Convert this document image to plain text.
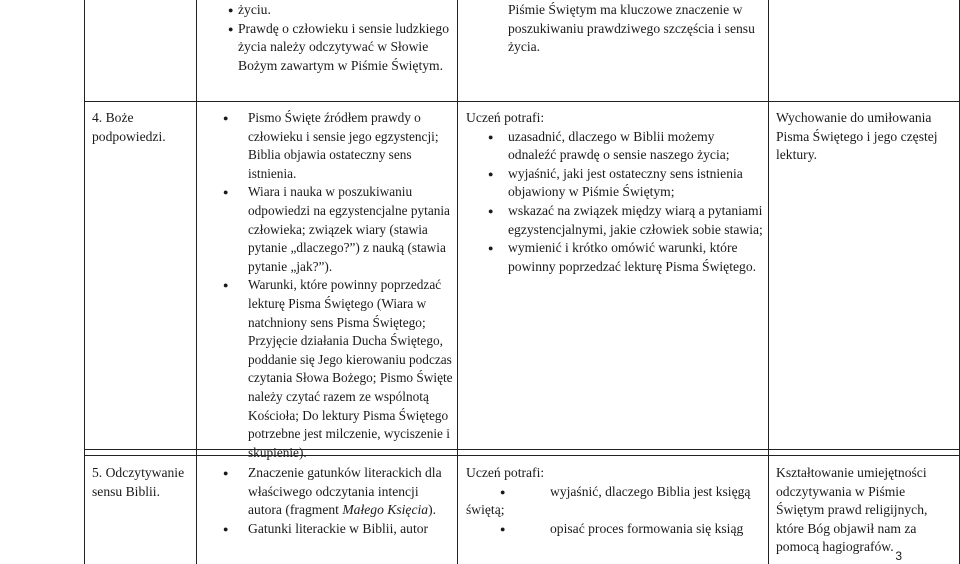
● życiu.
● Prawdę o człowieku i sensie ludzkiego życia należy odczytywać w Słowie Bożym zawartym w Piśmie Świętym.

Piśmie Świętym ma kluczowe znaczenie w poszukiwaniu prawdziwego szczęścia i sensu życia.

4. Boże podpowiedzi.

● Pismo Święte źródłem prawdy o człowieku i sensie jego egzystencji; Biblia objawia ostateczny sens istnienia.
● Wiara i nauka w poszukiwaniu odpowiedzi na egzystencjalne pytania człowieka; związek wiary (stawia pytanie „dlaczego?”) z nauką (stawia pytanie „jak?”).
● Warunki, które powinny poprzedzać lekturę Pisma Świętego (Wiara w natchniony sens Pisma Świętego; Przyjęcie działania Ducha Świętego, poddanie się Jego kierowaniu podczas czytania Słowa Bożego; Pismo Święte należy czytać razem ze wspólnotą Kościoła; Do lektury Pisma Świętego potrzebne jest milczenie, wyciszenie i skupienie).

Uczeń potrafi:

● uzasadnić, dlaczego w Biblii możemy odnaleźć prawdę o sensie naszego życia;
● wyjaśnić, jaki jest ostateczny sens istnienia objawiony w Piśmie Świętym;
● wskazać na związek między wiarą a pytaniami egzystencjalnymi, jakie człowiek sobie stawia;
● wymienić i krótko omówić warunki, które powinny poprzedzać lekturę Pisma Świętego.

Wychowanie do umiłowania Pisma Świętego i jego częstej lektury.

5. Odczytywanie sensu Biblii.

● Znaczenie gatunków literackich dla właściwego odczytania intencji autora (fragment Małego Księcia).
● Gatunki literackie w Biblii, autor

Uczeń potrafi:

● wyjaśnić, dlaczego Biblia jest księgą
świętą;
● opisać proces formowania się ksiąg

Kształtowanie umiejętności odczytywania w Piśmie Świętym prawd religijnych, które Bóg objawił nam za pomocą hagiografów.

3
